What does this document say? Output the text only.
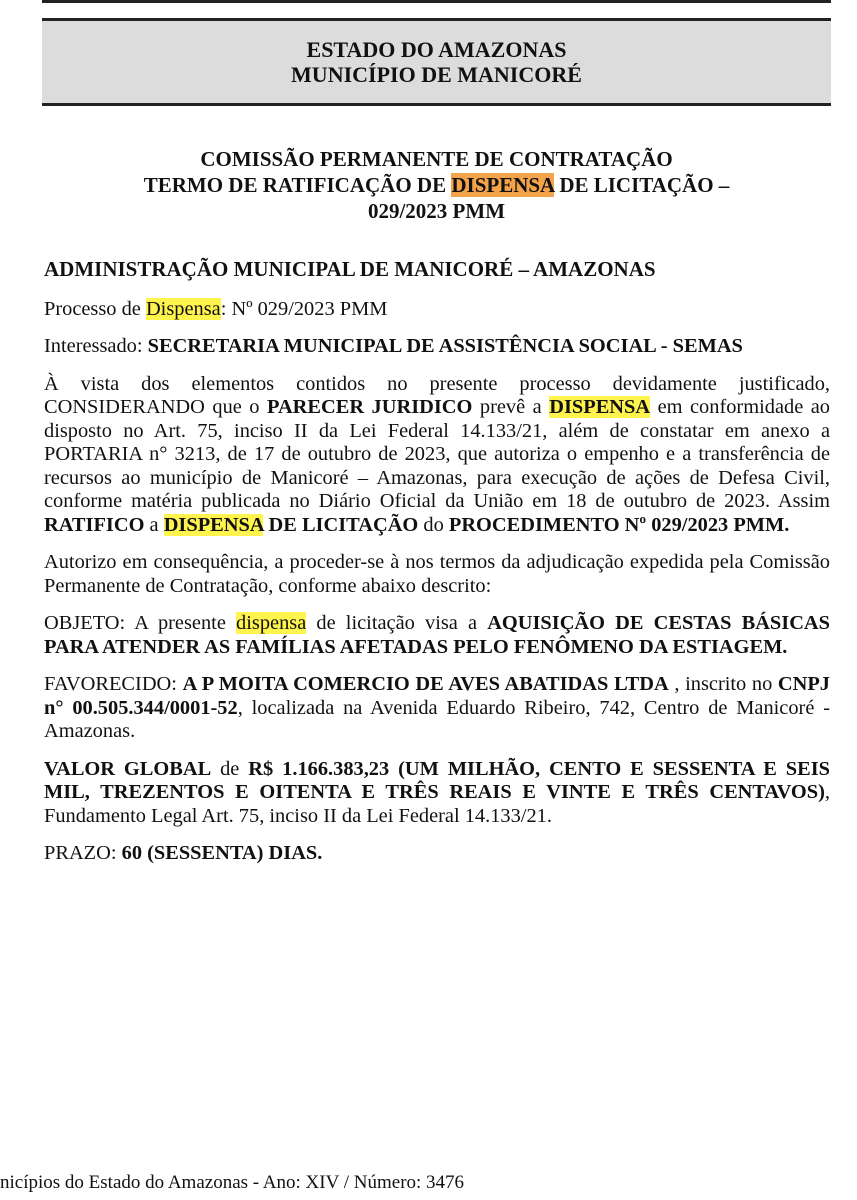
ESTADO DO AMAZONAS
MUNICÍPIO DE MANICORÉ
COMISSÃO PERMANENTE DE CONTRATAÇÃO
TERMO DE RATIFICAÇÃO DE DISPENSA DE LICITAÇÃO –
029/2023 PMM

ADMINISTRAÇÃO MUNICIPAL DE MANICORÉ – AMAZONAS

Processo de Dispensa: Nº 029/2023 PMM

Interessado: SECRETARIA MUNICIPAL DE ASSISTÊNCIA SOCIAL - SEMAS

À vista dos elementos contidos no presente processo devidamente justificado, CONSIDERANDO que o PARECER JURIDICO prevê a DISPENSA em conformidade ao disposto no Art. 75, inciso II da Lei Federal 14.133/21, além de constatar em anexo a PORTARIA n° 3213, de 17 de outubro de 2023, que autoriza o empenho e a transferência de recursos ao município de Manicoré – Amazonas, para execução de ações de Defesa Civil, conforme matéria publicada no Diário Oficial da União em 18 de outubro de 2023. Assim RATIFICO a DISPENSA DE LICITAÇÃO do PROCEDIMENTO Nº 029/2023 PMM.

Autorizo em consequência, a proceder-se à nos termos da adjudicação expedida pela Comissão Permanente de Contratação, conforme abaixo descrito:

OBJETO: A presente dispensa de licitação visa a AQUISIÇÃO DE CESTAS BÁSICAS PARA ATENDER AS FAMÍLIAS AFETADAS PELO FENÔMENO DA ESTIAGEM.

FAVORECIDO: A P MOITA COMERCIO DE AVES ABATIDAS LTDA , inscrito no CNPJ n° 00.505.344/0001-52, localizada na Avenida Eduardo Ribeiro, 742, Centro de Manicoré - Amazonas.

VALOR GLOBAL de R$ 1.166.383,23 (UM MILHÃO, CENTO E SESSENTA E SEIS MIL, TREZENTOS E OITENTA E TRÊS REAIS E VINTE E TRÊS CENTAVOS), Fundamento Legal Art. 75, inciso II da Lei Federal 14.133/21.

PRAZO: 60 (SESSENTA) DIAS.

nicípios do Estado do Amazonas - Ano: XIV / Número: 3476
